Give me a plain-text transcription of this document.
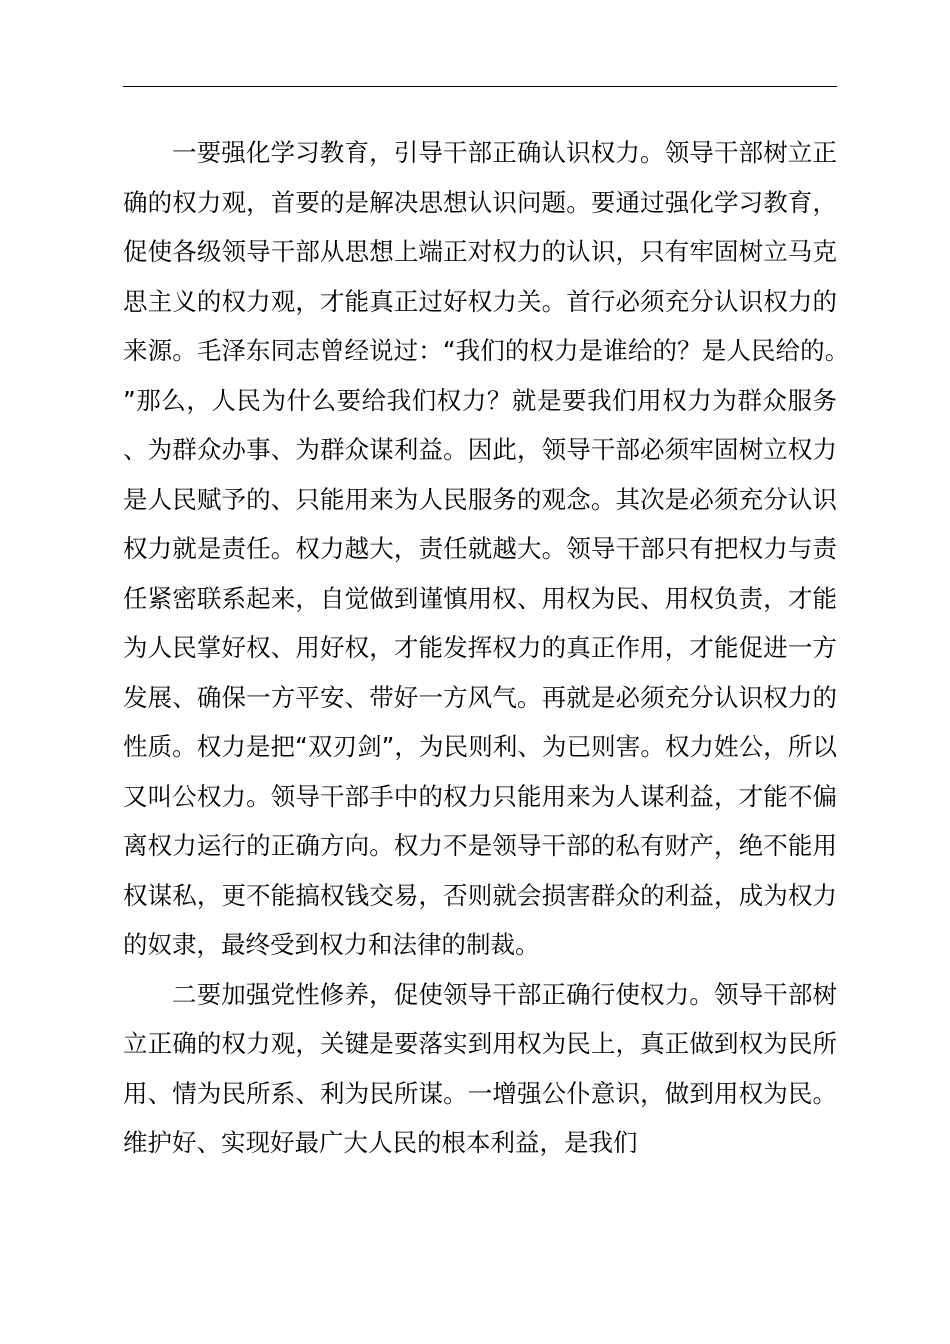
一要强化学习教育，引导干部正确认识权力。领导干部树立正确的权力观，首要的是解决思想认识问题。要通过强化学习教育，促使各级领导干部从思想上端正对权力的认识，只有牢固树立马克思主义的权力观，才能真正过好权力关。首行必须充分认识权力的来源。毛泽东同志曾经说过：“我们的权力是谁给的？是人民给的。”那么，人民为什么要给我们权力？就是要我们用权力为群众服务、为群众办事、为群众谋利益。因此，领导干部必须牢固树立权力是人民赋予的、只能用来为人民服务的观念。其次是必须充分认识权力就是责任。权力越大，责任就越大。领导干部只有把权力与责任紧密联系起来，自觉做到谨慎用权、用权为民、用权负责，才能为人民掌好权、用好权，才能发挥权力的真正作用，才能促进一方发展、确保一方平安、带好一方风气。再就是必须充分认识权力的性质。权力是把“双刃剑”，为民则利、为已则害。权力姓公，所以又叫公权力。领导干部手中的权力只能用来为人谋利益，才能不偏离权力运行的正确方向。权力不是领导干部的私有财产，绝不能用权谋私，更不能搞权钱交易，否则就会损害群众的利益，成为权力的奴隶，最终受到权力和法律的制裁。

二要加强党性修养，促使领导干部正确行使权力。领导干部树立正确的权力观，关键是要落实到用权为民上，真正做到权为民所用、情为民所系、利为民所谋。一增强公仆意识，做到用权为民。维护好、实现好最广大人民的根本利益，是我们
